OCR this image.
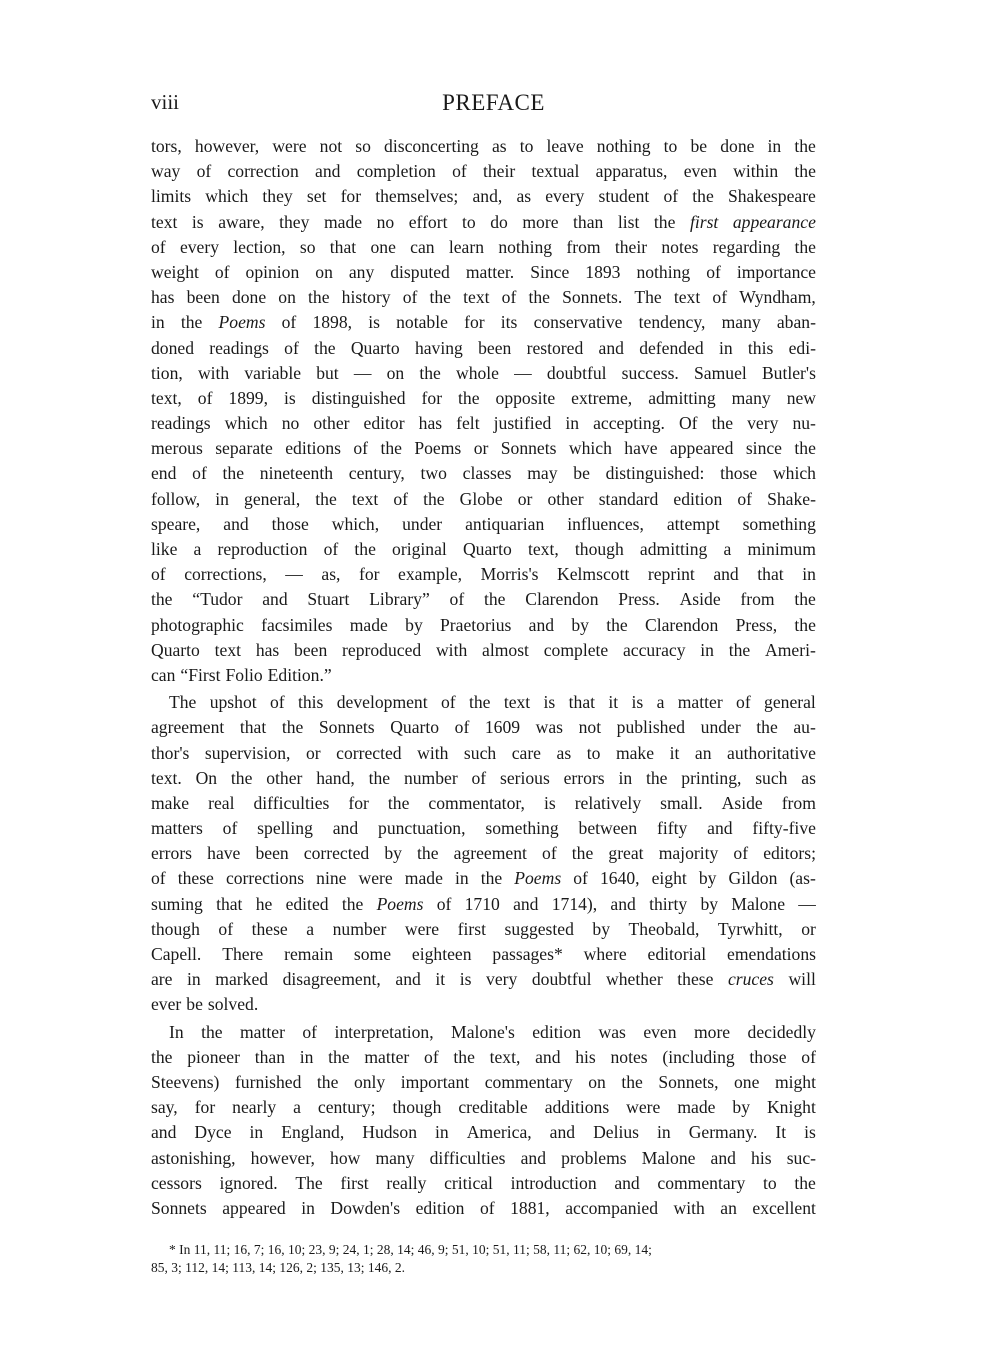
viii	PREFACE
tors, however, were not so disconcerting as to leave nothing to be done in the
way of correction and completion of their textual apparatus, even within the
limits which they set for themselves; and, as every student of the Shakespeare
text is aware, they made no effort to do more than list the first appearance
of every lection, so that one can learn nothing from their notes regarding the
weight of opinion on any disputed matter. Since 1893 nothing of importance
has been done on the history of the text of the Sonnets. The text of Wyndham,
in the Poems of 1898, is notable for its conservative tendency, many aban-
doned readings of the Quarto having been restored and defended in this edi-
tion, with variable but — on the whole — doubtful success. Samuel Butler's
text, of 1899, is distinguished for the opposite extreme, admitting many new
readings which no other editor has felt justified in accepting. Of the very nu-
merous separate editions of the Poems or Sonnets which have appeared since the
end of the nineteenth century, two classes may be distinguished: those which
follow, in general, the text of the Globe or other standard edition of Shake-
speare, and those which, under antiquarian influences, attempt something
like a reproduction of the original Quarto text, though admitting a minimum
of corrections, — as, for example, Morris's Kelmscott reprint and that in
the “Tudor and Stuart Library” of the Clarendon Press. Aside from the
photographic facsimiles made by Praetorius and by the Clarendon Press, the
Quarto text has been reproduced with almost complete accuracy in the Ameri-
can “First Folio Edition.”
The upshot of this development of the text is that it is a matter of general
agreement that the Sonnets Quarto of 1609 was not published under the au-
thor's supervision, or corrected with such care as to make it an authoritative
text. On the other hand, the number of serious errors in the printing, such as
make real difficulties for the commentator, is relatively small. Aside from
matters of spelling and punctuation, something between fifty and fifty-five
errors have been corrected by the agreement of the great majority of editors;
of these corrections nine were made in the Poems of 1640, eight by Gildon (as-
suming that he edited the Poems of 1710 and 1714), and thirty by Malone —
though of these a number were first suggested by Theobald, Tyrwhitt, or
Capell. There remain some eighteen passages* where editorial emendations
are in marked disagreement, and it is very doubtful whether these cruces will
ever be solved.
In the matter of interpretation, Malone's edition was even more decidedly
the pioneer than in the matter of the text, and his notes (including those of
Steevens) furnished the only important commentary on the Sonnets, one might
say, for nearly a century; though creditable additions were made by Knight
and Dyce in England, Hudson in America, and Delius in Germany. It is
astonishing, however, how many difficulties and problems Malone and his suc-
cessors ignored. The first really critical introduction and commentary to the
Sonnets appeared in Dowden's edition of 1881, accompanied with an excellent
* In 11, 11; 16, 7; 16, 10; 23, 9; 24, 1; 28, 14; 46, 9; 51, 10; 51, 11; 58, 11; 62, 10; 69, 14;
85, 3; 112, 14; 113, 14; 126, 2; 135, 13; 146, 2.
